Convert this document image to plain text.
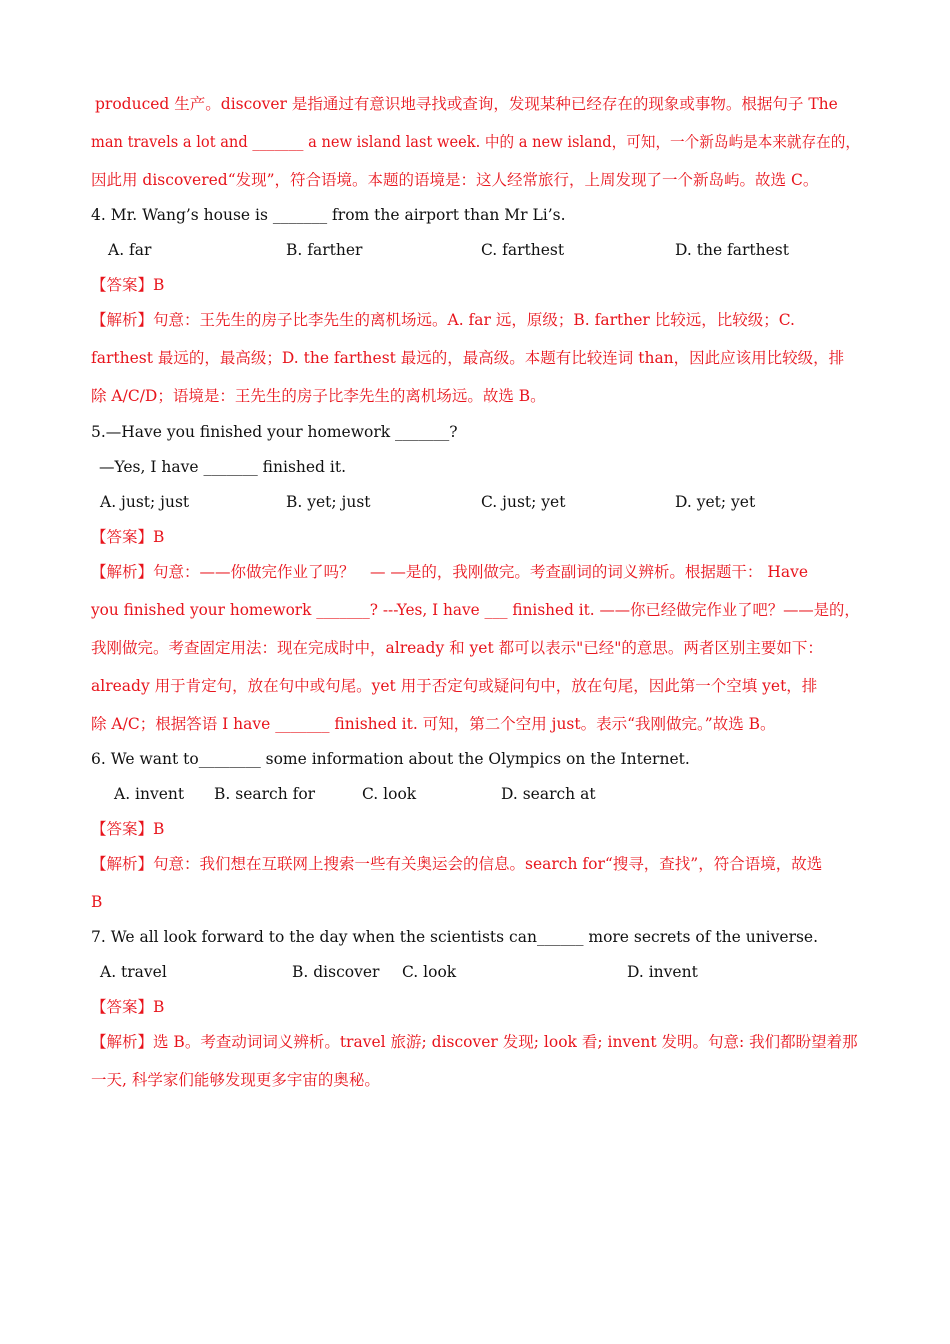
produced 生产。discover 是指通过有意识地寻找或查询，发现某种已经存在的现象或事物。根据句子 The
man travels a lot and _______ a new island last week. 中的 a new island，可知，一个新岛屿是本来就存在的，
因此用 discovered“发现”，符合语境。本题的语境是：这人经常旅行，上周发现了一个新岛屿。故选 C。
4. Mr. Wang’s house is _______ from the airport than Mr Li’s.
A. far	B. farther	C. farthest	D. the farthest
【答案】B
【解析】句意：王先生的房子比李先生的离机场远。A. far 远，原级；B. farther 比较远，比较级；C.
farthest 最远的，最高级；D. the farthest 最远的，最高级。本题有比较连词 than，因此应该用比较级，排
除 A/C/D；语境是：王先生的房子比李先生的离机场远。故选 B。
5.—Have you finished your homework _______?
—Yes, I have _______ finished it.
A. just; just	B. yet; just	C. just; yet	D. yet; yet
【答案】B
【解析】句意：——你做完作业了吗？　— —是的，我刚做完。考查副词的词义辨析。根据题干： Have
you finished your homework _______? ---Yes, I have ___ finished it. ——你已经做完作业了吧？——是的，
我刚做完。考查固定用法：现在完成时中，already 和 yet 都可以表示"已经"的意思。两者区别主要如下：
already 用于肯定句，放在句中或句尾。yet 用于否定句或疑问句中，放在句尾，因此第一个空填 yet，排
除 A/C；根据答语 I have _______ finished it. 可知，第二个空用 just。表示“我刚做完。”故选 B。
6. We want to________ some information about the Olympics on the Internet.
A. invent B. search for	C. look	D. search at
【答案】B
【解析】句意：我们想在互联网上搜索一些有关奥运会的信息。search for“搜寻，查找”，符合语境，故选
B
7. We all look forward to the day when the scientists can______ more secrets of the universe.
A. travel	B. discover C. look	D. invent
【答案】B
【解析】选 B。考查动词词义辨析。travel 旅游; discover 发现; look 看; invent 发明。句意: 我们都盼望着那
一天, 科学家们能够发现更多宇宙的奥秘。
